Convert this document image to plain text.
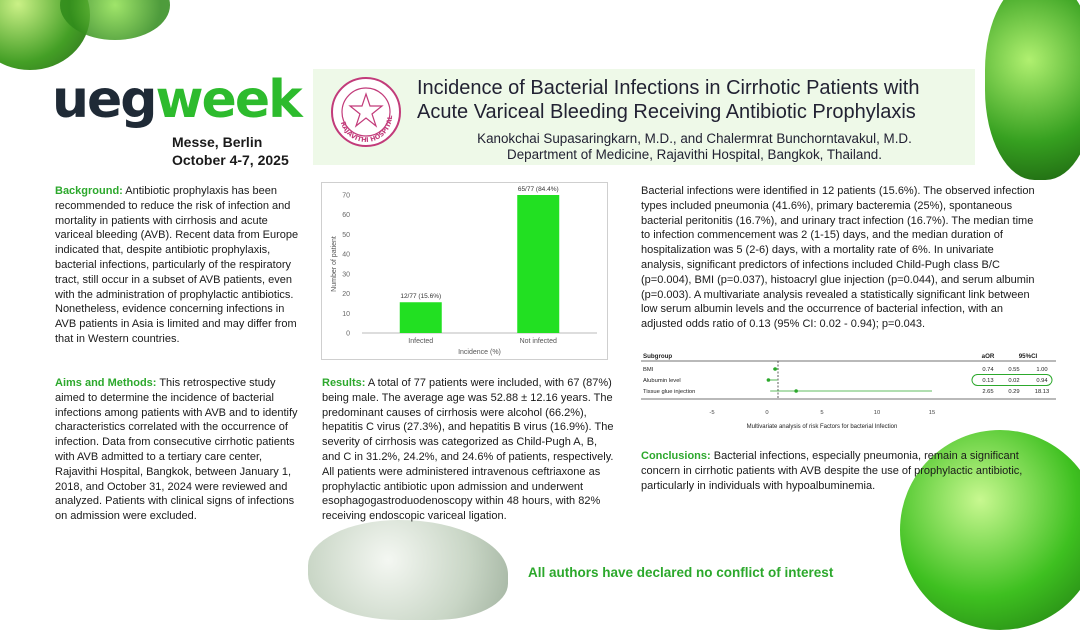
uegweek
Messe, Berlin
October 4-7, 2025
RAJAVITHI HOSPITAL
Incidence of Bacterial Infections in Cirrhotic Patients with
Acute Variceal Bleeding Receiving Antibiotic Prophylaxis
Kanokchai Supasaringkarn, M.D., and Chalermrat Bunchorntavakul, M.D.
Department of Medicine, Rajavithi Hospital, Bangkok, Thailand.
Background: Antibiotic prophylaxis has been recommended to reduce the risk of infection and mortality in patients with cirrhosis and acute variceal bleeding (AVB). Recent data from Europe indicated that, despite antibiotic prophylaxis, bacterial infections, particularly of the respiratory tract, still occur in a subset of AVB patients, even with the administration of prophylactic antibiotics. Nonetheless, evidence concerning infections in AVB patients in Asia is limited and may differ from that in Western countries.
Aims and Methods: This retrospective study aimed to determine the incidence of bacterial infections among patients with AVB and to identify characteristics correlated with the occurrence of infection. Data from consecutive cirrhotic patients with AVB admitted to a tertiary care center, Rajavithi Hospital, Bangkok, between January 1, 2018, and October 31, 2024 were reviewed and analyzed. Patients with clinical signs of infections on admission were excluded.
0
10
20
30
40
50
60
70
Number of patient
12/77 (15.6%)
Infected
65/77 (84.4%)
Not infected
Incidence (%)
Results: A total of 77 patients were included, with 67 (87%) being male. The average age was 52.88 ± 12.16 years. The predominant causes of cirrhosis were alcohol (66.2%), hepatitis C virus (27.3%), and hepatitis B virus (16.9%). The severity of cirrhosis was categorized as Child-Pugh A, B, and C in 31.2%, 24.2%, and 24.6% of patients, respectively. All patients were administered intravenous ceftriaxone as prophylactic antibiotic upon admission and underwent esophagogastroduodenoscopy within 48 hours, with 82% receiving endoscopic variceal ligation.
Bacterial infections were identified in 12 patients (15.6%). The observed infection types included pneumonia (41.6%), primary bacteremia (25%), spontaneous bacterial peritonitis (16.7%), and urinary tract infection (16.7%). The median time to infection commencement was 2 (1-15) days, and the median duration of hospitalization was 5 (2-6) days, with a mortality rate of 6%. In univariate analysis, significant predictors of infections included Child-Pugh class B/C (p=0.004), BMI (p=0.037), histoacryl glue injection (p=0.044), and serum albumin (p=0.003). A multivariate analysis revealed a statistically significant link between low serum albumin levels and the occurrence of bacterial infection, with an adjusted odds ratio of 0.13 (95% CI: 0.02 - 0.94); p=0.043.
Subgroup	aOR	95%CI
BMI	0.74	0.55	1.00
Alubumin level	0.13	0.02	0.94
Tissue glue injection	2.65	0.29	18.13
-5	0	5	10	15
Multivariate analysis of risk Factors for bacterial Infection
Conclusions: Bacterial infections, especially pneumonia, remain a significant concern in cirrhotic patients with AVB despite the use of prophylactic antibiotic, particularly in individuals with hypoalbuminemia.
All authors have declared no conflict of interest
